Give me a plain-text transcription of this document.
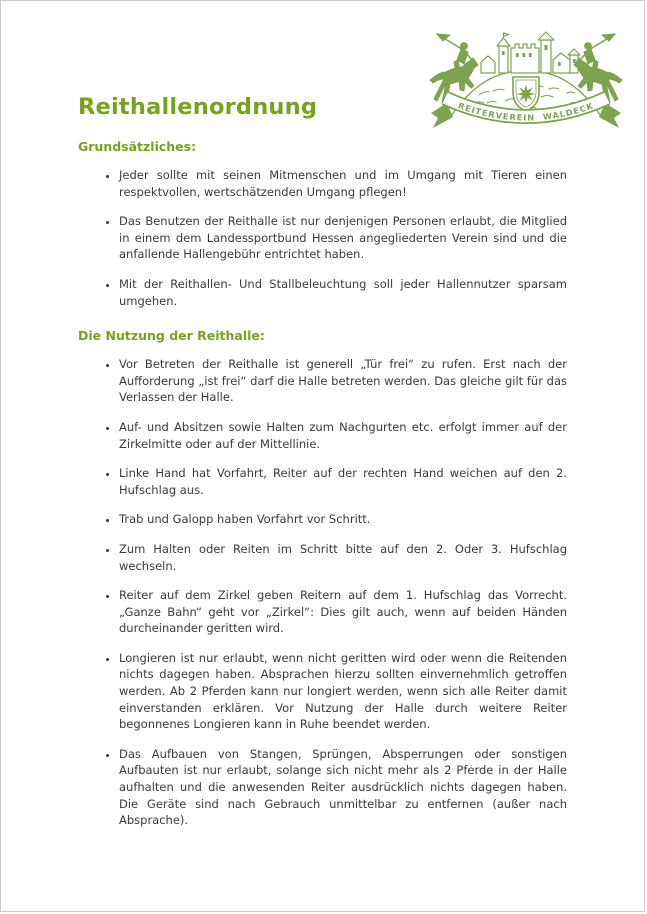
REITERVEREIN  WALDECK
Reithallenordnung
Grundsätzliches:
• Jeder sollte mit seinen Mitmenschen und im Umgang mit Tieren einen respektvollen, wertschätzenden Umgang pflegen!
• Das Benutzen der Reithalle ist nur denjenigen Personen erlaubt, die Mitglied in einem dem Landessportbund Hessen angegliederten Verein sind und die anfallende Hallengebühr entrichtet haben.
• Mit der Reithallen- Und Stallbeleuchtung soll jeder Hallennutzer sparsam umgehen.
Die Nutzung der Reithalle:
• Vor Betreten der Reithalle ist generell „Tür frei“ zu rufen. Erst nach der Aufforderung „ist frei“ darf die Halle betreten werden. Das gleiche gilt für das Verlassen der Halle.
• Auf- und Absitzen sowie Halten zum Nachgurten etc. erfolgt immer auf der Zirkelmitte oder auf der Mittellinie.
• Linke Hand hat Vorfahrt, Reiter auf der rechten Hand weichen auf den 2. Hufschlag aus.
• Trab und Galopp haben Vorfahrt vor Schritt.
• Zum Halten oder Reiten im Schritt bitte auf den 2. Oder 3. Hufschlag wechseln.
• Reiter auf dem Zirkel geben Reitern auf dem 1. Hufschlag das Vorrecht. „Ganze Bahn“ geht vor „Zirkel“: Dies gilt auch, wenn auf beiden Händen durcheinander geritten wird.
• Longieren ist nur erlaubt, wenn nicht geritten wird oder wenn die Reitenden nichts dagegen haben. Absprachen hierzu sollten einvernehmlich getroffen werden. Ab 2 Pferden kann nur longiert werden, wenn sich alle Reiter damit einverstanden erklären. Vor Nutzung der Halle durch weitere Reiter begonnenes Longieren kann in Ruhe beendet werden.
• Das Aufbauen von Stangen, Sprüngen, Absperrungen oder sonstigen Aufbauten ist nur erlaubt, solange sich nicht mehr als 2 Pferde in der Halle aufhalten und die anwesenden Reiter ausdrücklich nichts dagegen haben. Die Geräte sind nach Gebrauch unmittelbar zu entfernen (außer nach Absprache).
